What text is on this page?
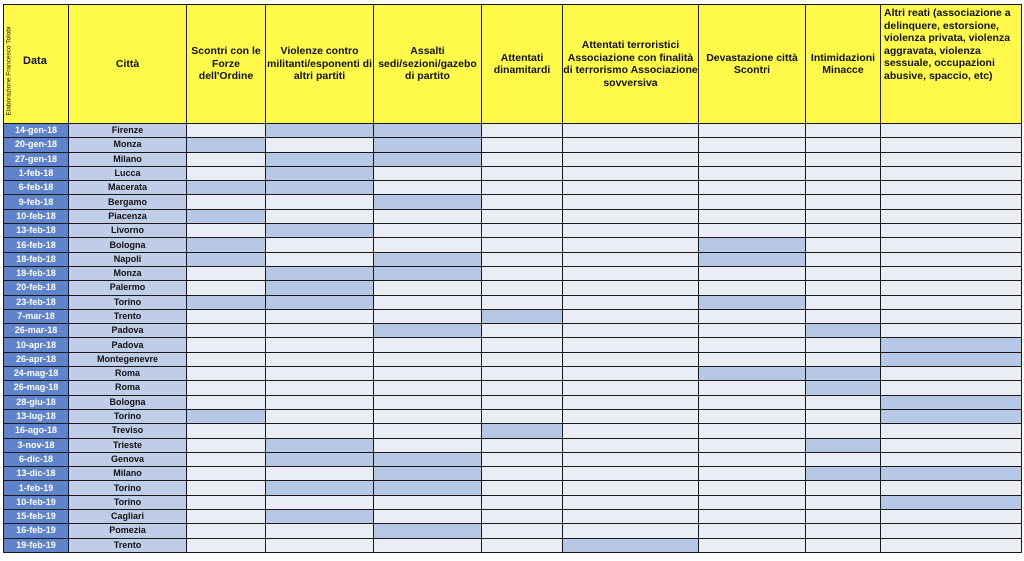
Elaborazione Francesco Tolobi Data	Città	Scontri con le Forze dell'Ordine	Violenze contro militanti/esponenti di altri partiti	Assalti sedi/sezioni/gazebo di partito	Attentati dinamitardi	Attentati terroristici Associazione con finalità di terrorismo Associazione sovversiva	Devastazione città Scontri	Intimidazioni Minacce	Altri reati (associazione a delinquere, estorsione, violenza privata, violenza aggravata, violenza sessuale, occupazioni abusive, spaccio, etc)
14-gen-18	Firenze								
20-gen-18	Monza								
27-gen-18	Milano								
1-feb-18	Lucca								
6-feb-18	Macerata								
9-feb-18	Bergamo								
10-feb-18	Piacenza								
13-feb-18	Livorno								
16-feb-18	Bologna								
18-feb-18	Napoli								
18-feb-18	Monza								
20-feb-18	Palermo								
23-feb-18	Torino								
7-mar-18	Trento								
26-mar-18	Padova								
10-apr-18	Padova								
26-apr-18	Montegenevre								
24-mag-18	Roma								
26-mag-18	Roma								
28-giu-18	Bologna								
13-lug-18	Torino								
16-ago-18	Treviso								
3-nov-18	Trieste								
6-dic-18	Genova								
13-dic-18	Milano								
1-feb-19	Torino								
10-feb-19	Torino								
15-feb-19	Cagliari								
16-feb-19	Pomezia								
19-feb-19	Trento								
